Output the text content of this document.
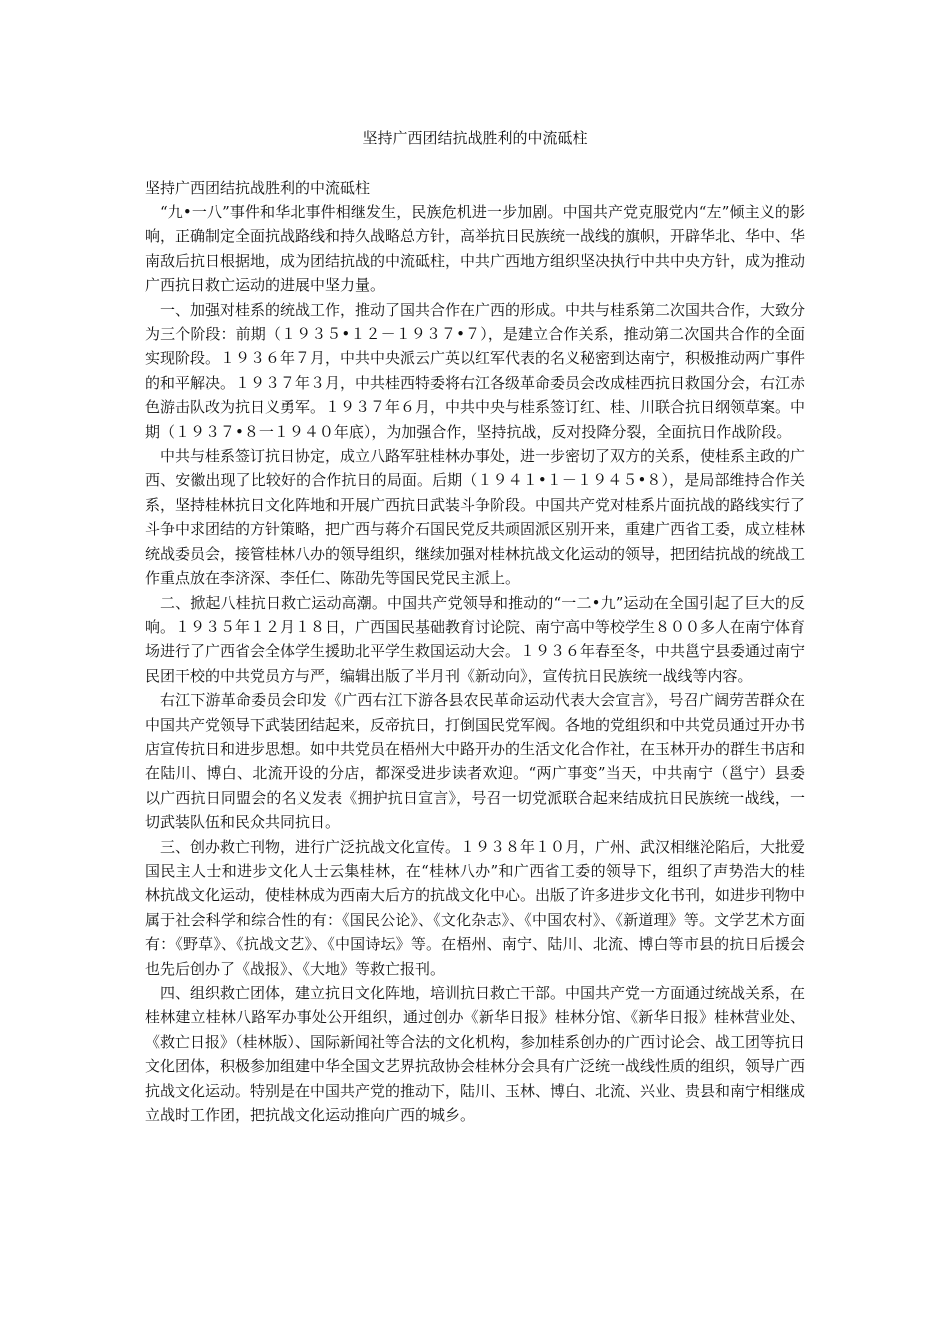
坚持广西团结抗战胜利的中流砥柱

坚持广西团结抗战胜利的中流砥柱

“九•一八”事件和华北事件相继发生，民族危机进一步加剧。中国共产党克服党内“左”倾主义的影响，正确制定全面抗战路线和持久战略总方针，高举抗日民族统一战线的旗帜，开辟华北、华中、华南敌后抗日根据地，成为团结抗战的中流砥柱，中共广西地方组织坚决执行中共中央方针，成为推动广西抗日救亡运动的进展中坚力量。

一、加强对桂系的统战工作，推动了国共合作在广西的形成。中共与桂系第二次国共合作，大致分为三个阶段：前期（１９３５•１２－１９３７•７），是建立合作关系，推动第二次国共合作的全面实现阶段。１９３６年７月，中共中央派云广英以红军代表的名义秘密到达南宁，积极推动两广事件的和平解决。１９３７年３月，中共桂西特委将右江各级革命委员会改成桂西抗日救国分会，右江赤色游击队改为抗日义勇军。１９３７年６月，中共中央与桂系签订红、桂、川联合抗日纲领草案。中期（１９３７•８一１９４０年底），为加强合作，坚持抗战，反对投降分裂，全面抗日作战阶段。

中共与桂系签订抗日协定，成立八路军驻桂林办事处，进一步密切了双方的关系，使桂系主政的广西、安徽出现了比较好的合作抗日的局面。后期（１９４１•１－１９４５•８），是局部维持合作关系，坚持桂林抗日文化阵地和开展广西抗日武装斗争阶段。中国共产党对桂系片面抗战的路线实行了斗争中求团结的方针策略，把广西与蒋介石国民党反共顽固派区别开来，重建广西省工委，成立桂林统战委员会，接管桂林八办的领导组织，继续加强对桂林抗战文化运动的领导，把团结抗战的统战工作重点放在李济深、李任仁、陈劭先等国民党民主派上。

二、掀起八桂抗日救亡运动高潮。中国共产党领导和推动的“一二•九”运动在全国引起了巨大的反响。１９３５年１２月１８日，广西国民基础教育讨论院、南宁高中等校学生８００多人在南宁体育场进行了广西省会全体学生援助北平学生救国运动大会。１９３６年春至冬，中共邕宁县委通过南宁民团干校的中共党员方与严，编辑出版了半月刊《新动向》，宣传抗日民族统一战线等内容。

右江下游革命委员会印发《广西右江下游各县农民革命运动代表大会宣言》，号召广阔劳苦群众在中国共产党领导下武装团结起来，反帝抗日，打倒国民党军阀。各地的党组织和中共党员通过开办书店宣传抗日和进步思想。如中共党员在梧州大中路开办的生活文化合作社，在玉林开办的群生书店和在陆川、博白、北流开设的分店，都深受进步读者欢迎。“两广事变”当天，中共南宁（邕宁）县委以广西抗日同盟会的名义发表《拥护抗日宣言》，号召一切党派联合起来结成抗日民族统一战线，一切武装队伍和民众共同抗日。

三、创办救亡刊物，进行广泛抗战文化宣传。１９３８年１０月，广州、武汉相继沦陷后，大批爱国民主人士和进步文化人士云集桂林，在“桂林八办”和广西省工委的领导下，组织了声势浩大的桂林抗战文化运动，使桂林成为西南大后方的抗战文化中心。出版了许多进步文化书刊，如进步刊物中属于社会科学和综合性的有：《国民公论》、《文化杂志》、《中国农村》、《新道理》等。文学艺术方面有：《野草》、《抗战文艺》、《中国诗坛》等。在梧州、南宁、陆川、北流、博白等市县的抗日后援会也先后创办了《战报》、《大地》等救亡报刊。

四、组织救亡团体，建立抗日文化阵地，培训抗日救亡干部。中国共产党一方面通过统战关系，在桂林建立桂林八路军办事处公开组织，通过创办《新华日报》桂林分馆、《新华日报》桂林营业处、《救亡日报》（桂林版）、国际新闻社等合法的文化机构，参加桂系创办的广西讨论会、战工团等抗日文化团体，积极参加组建中华全国文艺界抗敌协会桂林分会具有广泛统一战线性质的组织，领导广西抗战文化运动。特别是在中国共产党的推动下，陆川、玉林、博白、北流、兴业、贵县和南宁相继成立战时工作团，把抗战文化运动推向广西的城乡。
